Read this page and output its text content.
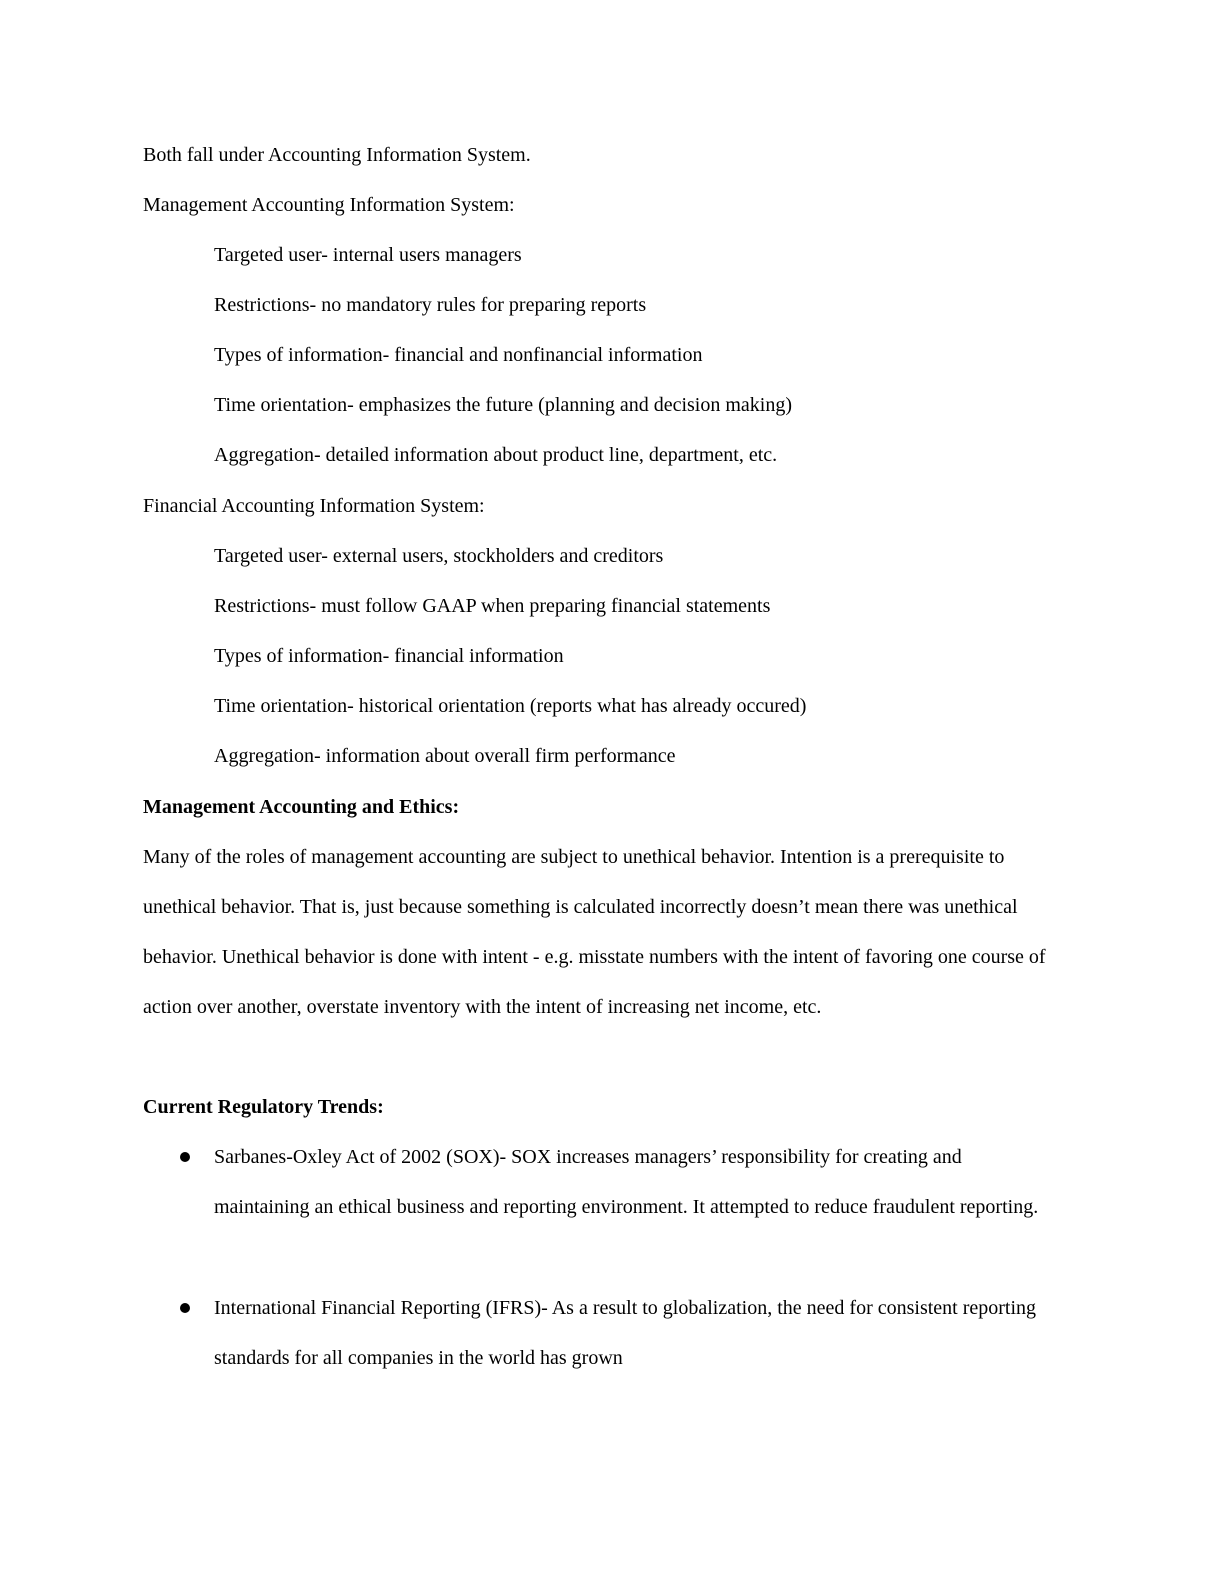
Both fall under Accounting Information System.
Management Accounting Information System:
Targeted user- internal users managers
Restrictions- no mandatory rules for preparing reports
Types of information- financial and nonfinancial information
Time orientation- emphasizes the future (planning and decision making)
Aggregation- detailed information about product line, department, etc.
Financial Accounting Information System:
Targeted user- external users, stockholders and creditors
Restrictions- must follow GAAP when preparing financial statements
Types of information- financial information
Time orientation- historical orientation (reports what has already occured)
Aggregation- information about overall firm performance
Management Accounting and Ethics:

Many of the roles of management accounting are subject to unethical behavior. Intention is a prerequisite to unethical behavior. That is, just because something is calculated incorrectly doesn’t mean there was unethical behavior. Unethical behavior is done with intent - e.g. misstate numbers with the intent of favoring one course of action over another, overstate inventory with the intent of increasing net income, etc.

Current Regulatory Trends:
Sarbanes-Oxley Act of 2002 (SOX)- SOX increases managers’ responsibility for creating and maintaining an ethical business and reporting environment. It attempted to reduce fraudulent reporting.
International Financial Reporting (IFRS)- As a result to globalization, the need for consistent reporting standards for all companies in the world has grown
